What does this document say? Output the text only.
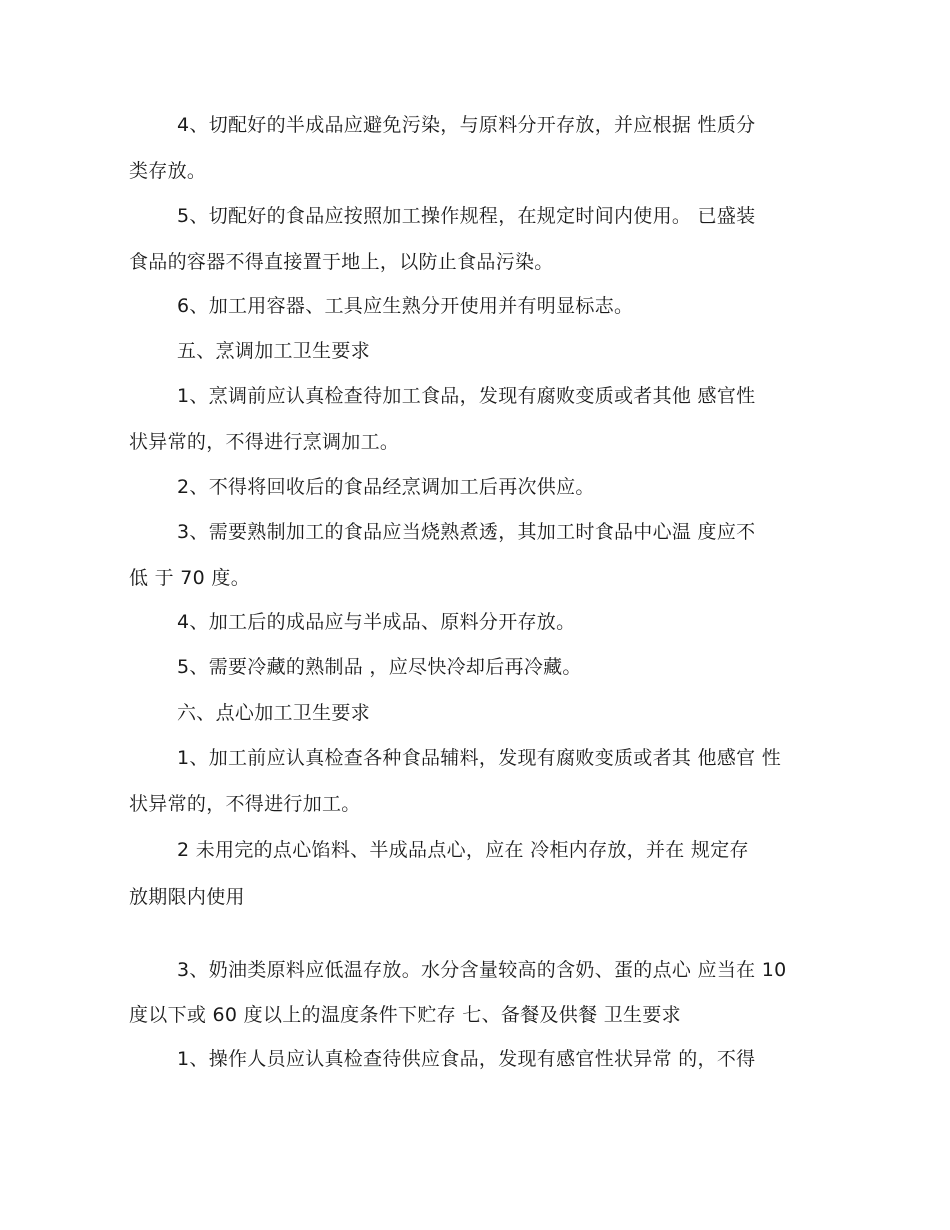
4、切配好的半成品应避免污染，与原料分开存放，并应根据 性质分
类存放。
5、切配好的食品应按照加工操作规程，在规定时间内使用。 已盛装
食品的容器不得直接置于地上，以防止食品污染。
6、加工用容器、工具应生熟分开使用并有明显标志。
五、烹调加工卫生要求
1、烹调前应认真检查待加工食品，发现有腐败变质或者其他 感官性
状异常的，不得进行烹调加工。
2、不得将回收后的食品经烹调加工后再次供应。
3、需要熟制加工的食品应当烧熟煮透，其加工时食品中心温 度应不
低 于 70 度。
4、加工后的成品应与半成品、原料分开存放。
5、需要冷藏的熟制品 ，应尽快冷却后再冷藏。
六、点心加工卫生要求
1、加工前应认真检查各种食品辅料，发现有腐败变质或者其 他感官 性
状异常的，不得进行加工。
2 未用完的点心馅料、半成品点心，应在 冷柜内存放，并在 规定存
放期限内使用
3、奶油类原料应低温存放。水分含量较高的含奶、蛋的点心 应当在 10
度以下或 60 度以上的温度条件下贮存 七、备餐及供餐 卫生要求
1、操作人员应认真检查待供应食品，发现有感官性状异常 的，不得
